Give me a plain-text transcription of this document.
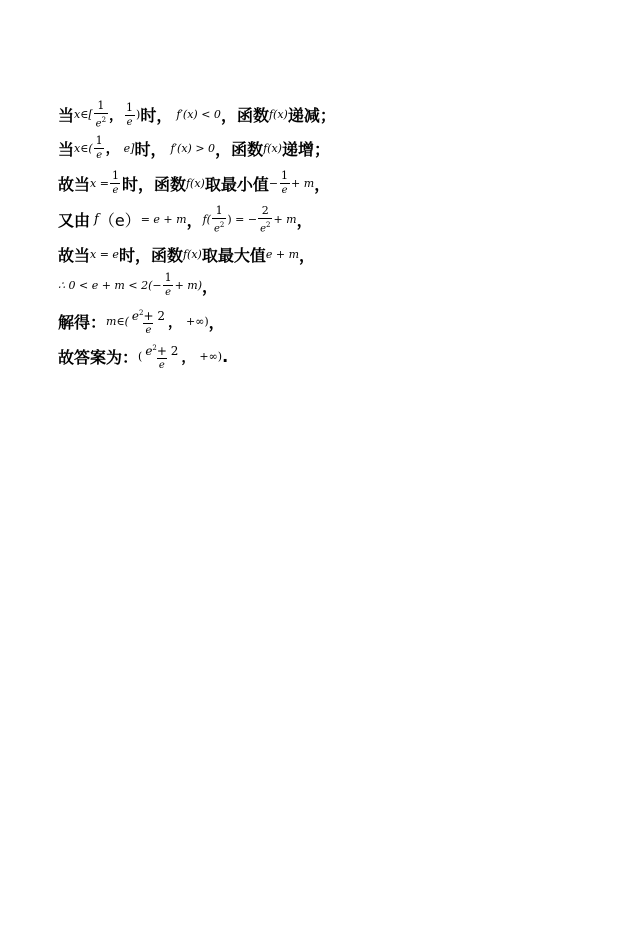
当 x∈[ $\frac{1}{e^2}$ ， $\frac{1}{e}$ ) 时， f′(x) < 0 ，函数 f(x) 递减；
当 x∈( $\frac{1}{e}$ ， e] 时， f′(x) > 0 ，函数 f(x) 递增；
故当 $x = \frac{1}{e}$ 时，函数 f(x) 取最小值 − $\frac{1}{e} + m$ ，
又由 f （e） = e + m ， $f( \frac{1}{e^2}$ ) = − $\frac{2}{e^2} + m$ ，
故当 x = e 时，函数 f(x) 取最大值 e + m ，
∴ $0 < e + m < 2(- \frac{1}{e} + m)$ ，
解得： m∈( $\frac{e^2+ 2}{e}$ ， +∞) ，
故答案为： ( $\frac{e^2+ 2}{e}$ ， +∞) .
